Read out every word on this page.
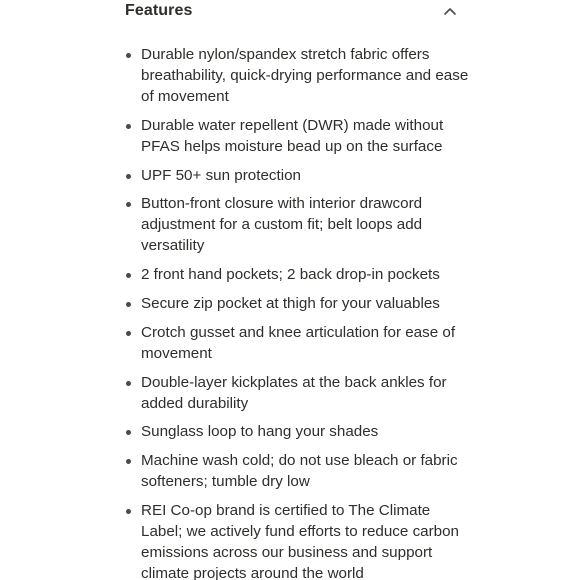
Features
Durable nylon/spandex stretch fabric offers breathability, quick-drying performance and ease of movement
Durable water repellent (DWR) made without PFAS helps moisture bead up on the surface
UPF 50+ sun protection
Button-front closure with interior drawcord adjustment for a custom fit; belt loops add versatility
2 front hand pockets; 2 back drop-in pockets
Secure zip pocket at thigh for your valuables
Crotch gusset and knee articulation for ease of movement
Double-layer kickplates at the back ankles for added durability
Sunglass loop to hang your shades
Machine wash cold; do not use bleach or fabric softeners; tumble dry low
REI Co-op brand is certified to The Climate Label; we actively fund efforts to reduce carbon emissions across our business and support climate projects around the world
